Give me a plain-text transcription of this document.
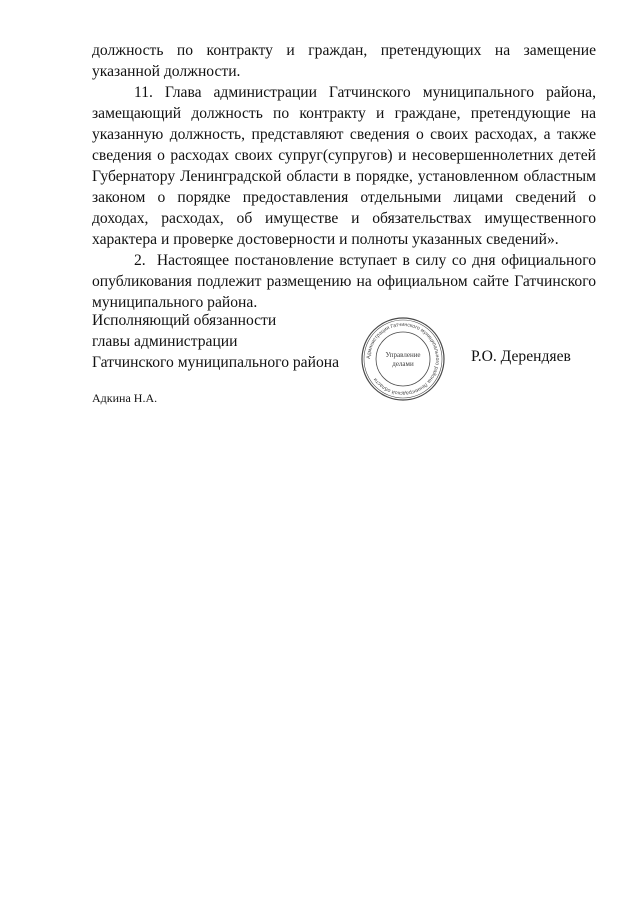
должность по контракту и граждан, претендующих на замещение указанной должности.

11. Глава администрации Гатчинского муниципального района, замещающий должность по контракту и граждане, претендующие на указанную должность, представляют сведения о своих расходах, а также сведения о расходах своих супруг(супругов) и несовершеннолетних детей Губернатору Ленинградской области в порядке, установленном областным законом о порядке предоставления отдельными лицами сведений о доходах, расходах, об имуществе и обязательствах имущественного характера и проверке достоверности и полноты указанных сведений».

2.  Настоящее постановление вступает в силу со дня официального опубликования подлежит размещению на официальном сайте Гатчинского муниципального района.

Исполняющий обязанности
главы администрации
Гатчинского муниципального района	Администрация Гатчинского муниципального района Ленинградской области
Управление
делами	Р.О. Дерендяев
Адкина Н.А.
